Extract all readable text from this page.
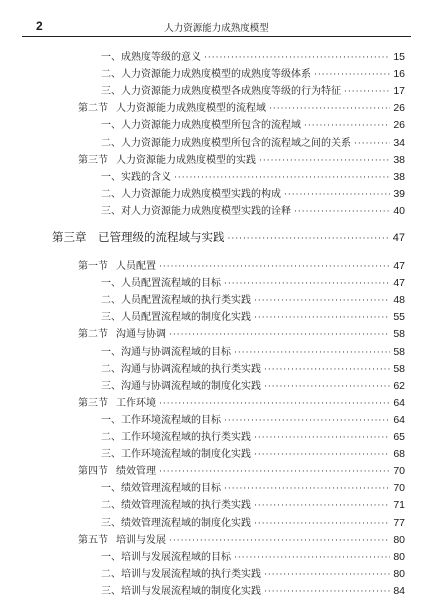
2	人力资源能力成熟度模型
一、成熟度等级的意义 ·····	15
二、人力资源能力成熟度模型的成熟度等级体系 ·····	16
三、人力资源能力成熟度模型各成熟度等级的行为特征 ·····	17
第二节 人力资源能力成熟度模型的流程域 ·····	26
一、人力资源能力成熟度模型所包含的流程域 ·····	26
二、人力资源能力成熟度模型所包含的流程域之间的关系 ·····	34
第三节 人力资源能力成熟度模型的实践 ·····	38
一、实践的含义 ·····	38
二、人力资源能力成熟度模型实践的构成 ·····	39
三、对人力资源能力成熟度模型实践的诠释 ·····	40
第三章　已管理级的流程域与实践 ·····	47
第一节 人员配置 ·····	47
一、人员配置流程域的目标 ·····	47
二、人员配置流程域的执行类实践 ·····	48
三、人员配置流程域的制度化实践 ·····	55
第二节 沟通与协调 ·····	58
一、沟通与协调流程域的目标 ·····	58
二、沟通与协调流程域的执行类实践 ·····	58
三、沟通与协调流程域的制度化实践 ·····	62
第三节 工作环境 ·····	64
一、工作环境流程域的目标 ·····	64
二、工作环境流程域的执行类实践 ·····	65
三、工作环境流程域的制度化实践 ·····	68
第四节 绩效管理 ·····	70
一、绩效管理流程域的目标 ·····	70
二、绩效管理流程域的执行类实践 ·····	71
三、绩效管理流程域的制度化实践 ·····	77
第五节 培训与发展 ·····	80
一、培训与发展流程域的目标 ·····	80
二、培训与发展流程域的执行类实践 ·····	80
三、培训与发展流程域的制度化实践 ·····	84
